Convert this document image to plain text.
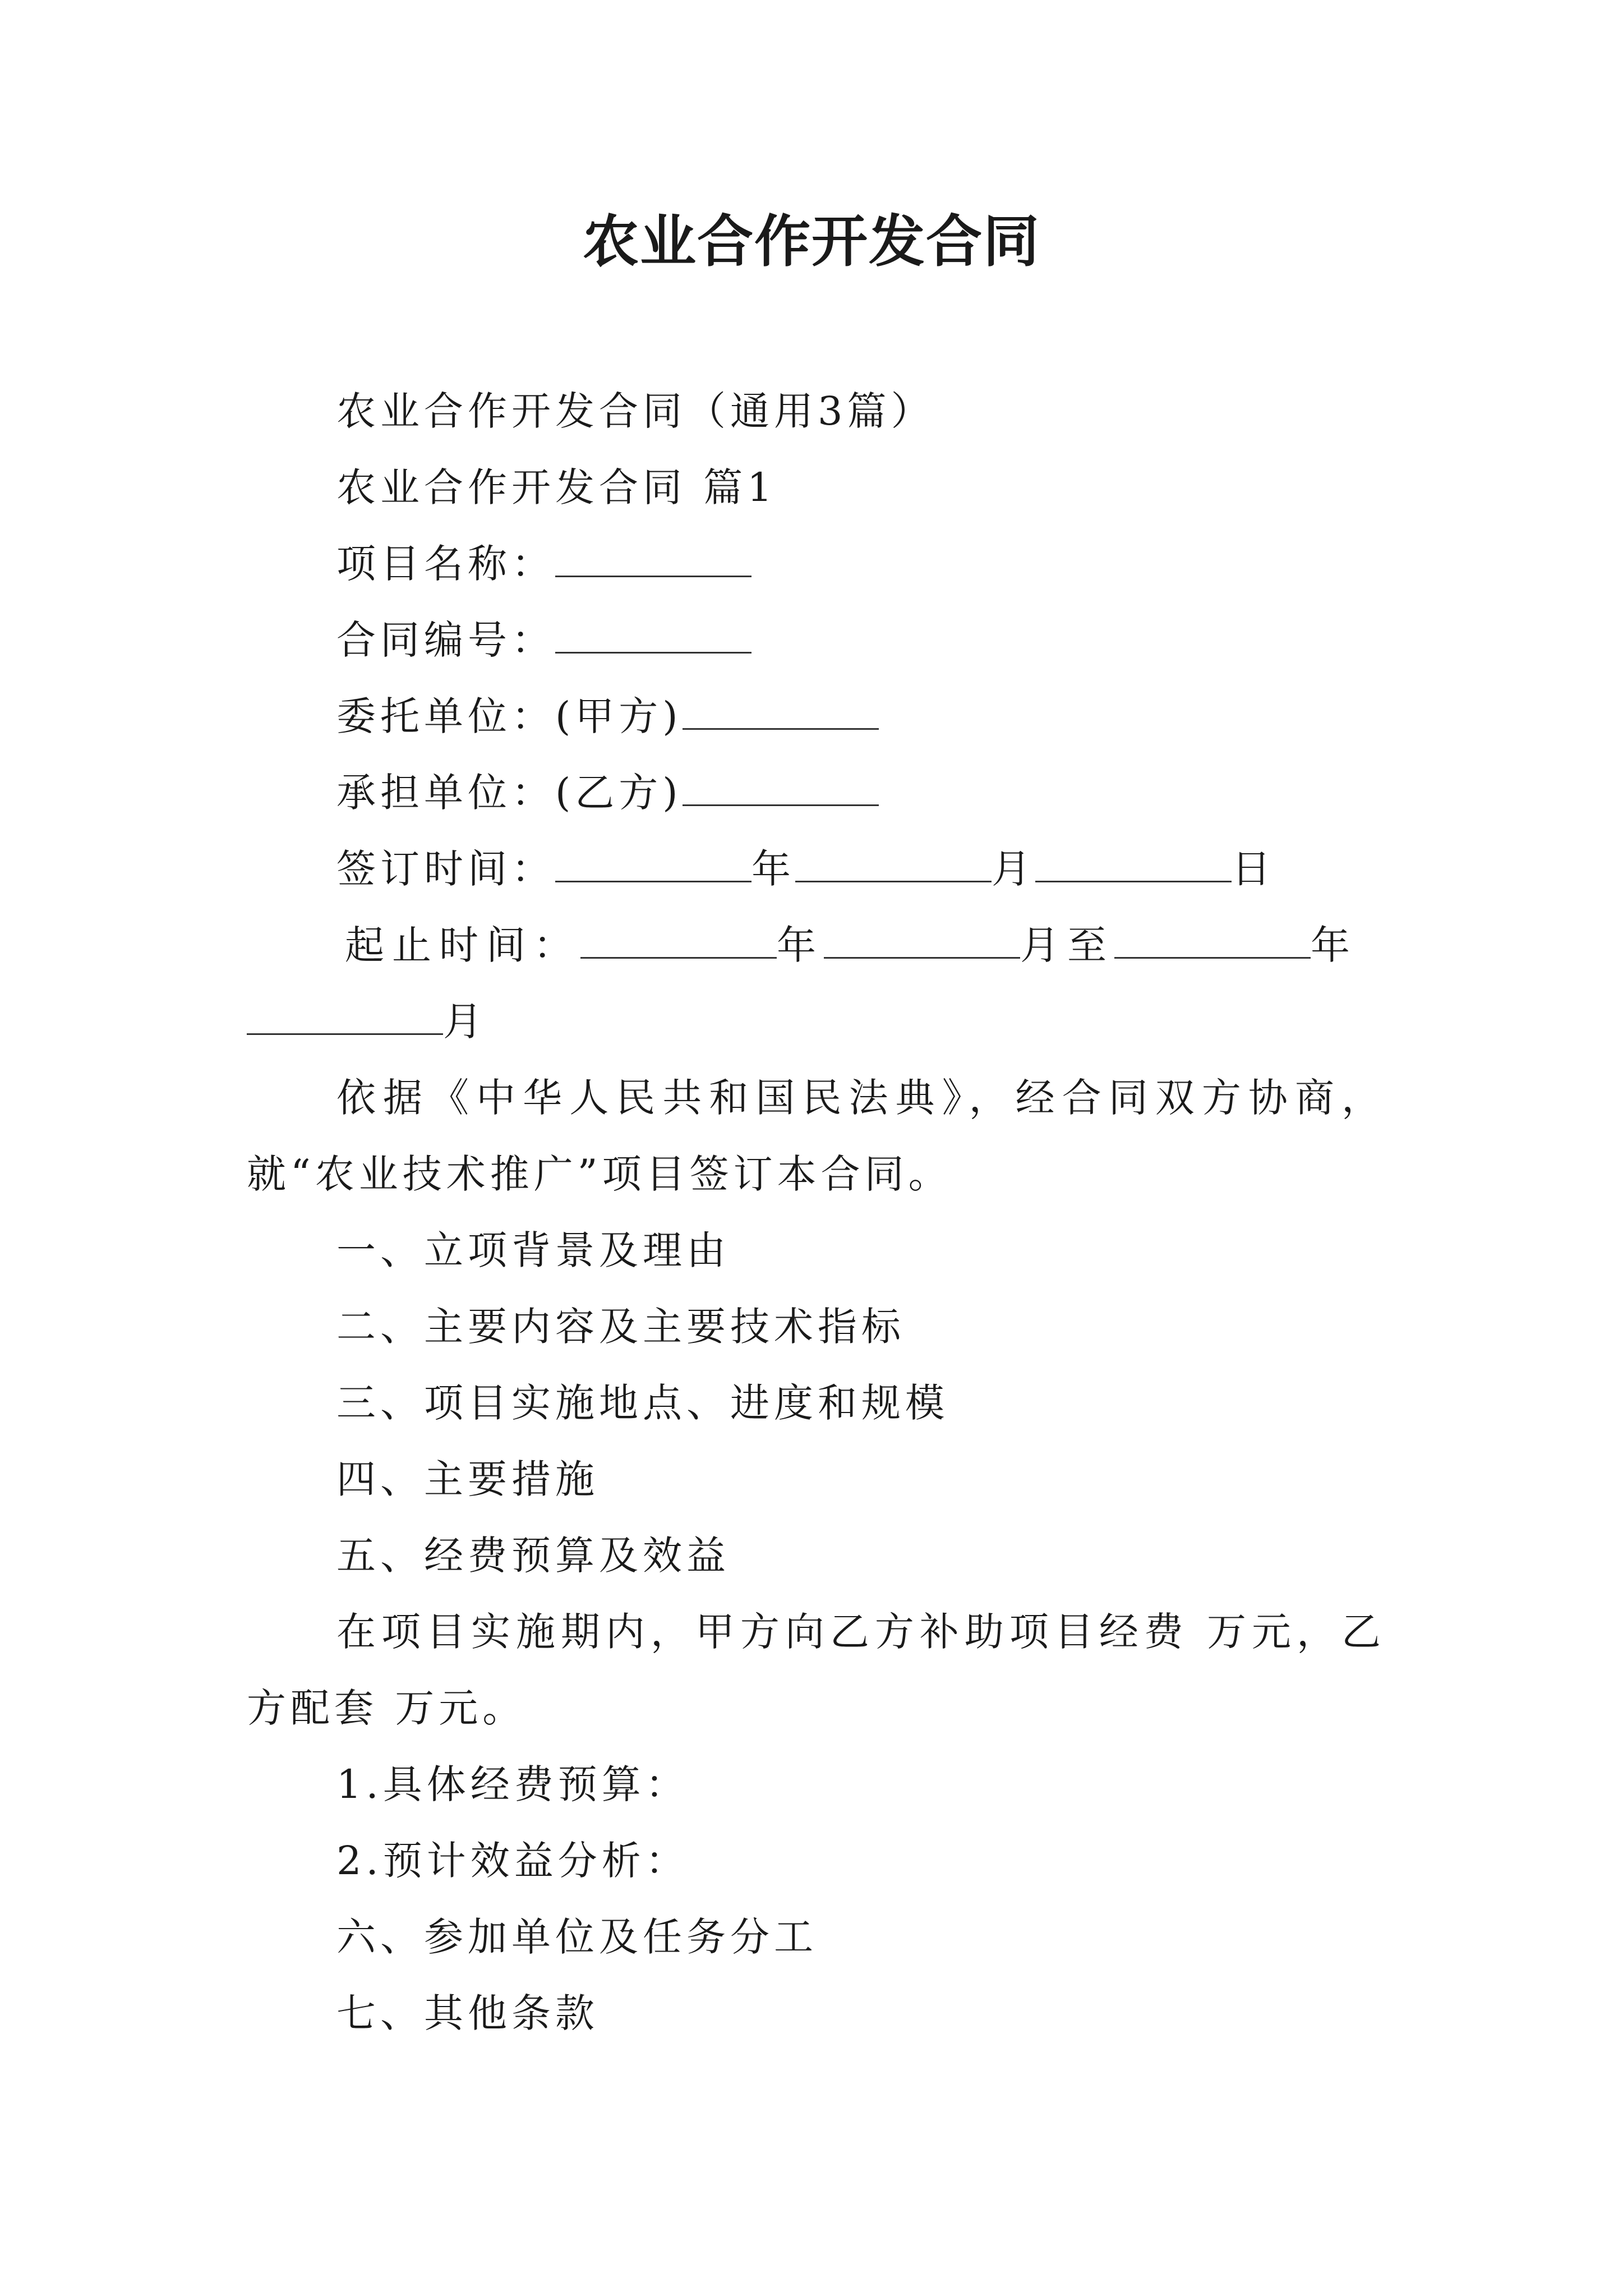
农业合作开发合同

农业合作开发合同（通用3篇）

农业合作开发合同 篇1

项目名称：

合同编号：

委托单位：(甲方)

承担单位：(乙方)

签订时间：	年	月	日

起止时间：	年	月至	年

月

依据《中华人民共和国民法典》，经合同双方协商，就“农业技术推广”项目签订本合同。

一、立项背景及理由

二、主要内容及主要技术指标

三、项目实施地点、进度和规模

四、主要措施

五、经费预算及效益

在项目实施期内，甲方向乙方补助项目经费 万元，乙方配套 万元。

1.具体经费预算：

2.预计效益分析：

六、参加单位及任务分工

七、其他条款
